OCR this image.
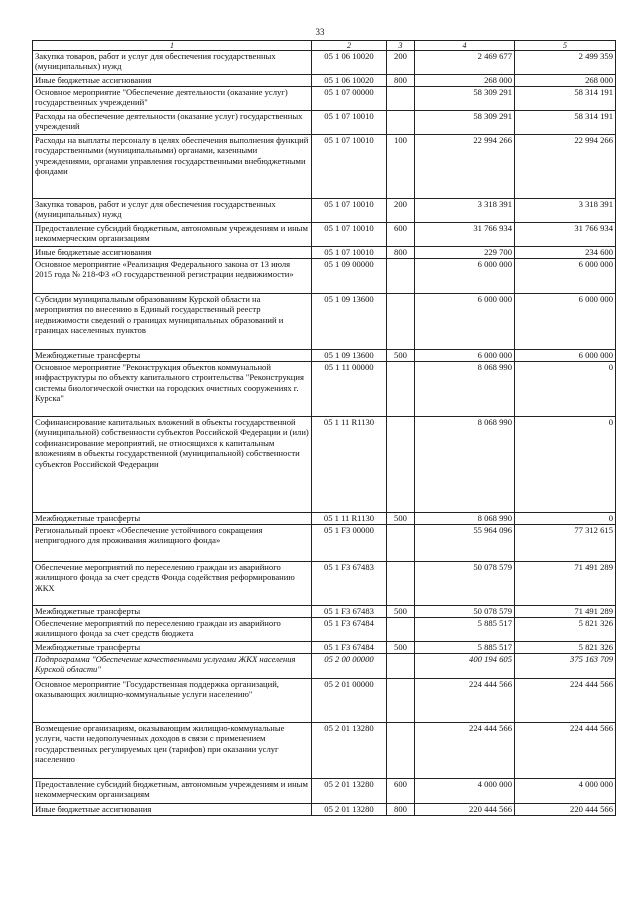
33
1	2	3	4	5
Закупка товаров, работ и услуг для обеспечения государственных (муниципальных) нужд	05 1 06 10020	200	2 469 677	2 499 359
Иные бюджетные ассигнования	05 1 06 10020	800	268 000	268 000
Основное мероприятие "Обеспечение деятельности (оказание услуг) государственных учреждений"	05 1 07 00000		58 309 291	58 314 191
Расходы на обеспечение деятельности (оказание услуг) государственных учреждений	05 1 07 10010		58 309 291	58 314 191
Расходы на выплаты персоналу в целях обеспечения выполнения функций государственными (муниципальными) органами, казенными учреждениями, органами управления государственными внебюджетными фондами	05 1 07 10010	100	22 994 266	22 994 266
Закупка товаров, работ и услуг для обеспечения государственных (муниципальных) нужд	05 1 07 10010	200	3 318 391	3 318 391
Предоставление субсидий бюджетным, автономным учреждениям и иным некоммерческим организациям	05 1 07 10010	600	31 766 934	31 766 934
Иные бюджетные ассигнования	05 1 07 10010	800	229 700	234 600
Основное мероприятие «Реализация Федерального закона от 13 июля 2015 года № 218-ФЗ «О государственной регистрации недвижимости»	05 1 09 00000		6 000 000	6 000 000
Субсидии муниципальным образованиям Курской области на мероприятия по внесению в Единый государственный реестр недвижимости сведений о границах муниципальных образований и границах населенных пунктов	05 1 09 13600		6 000 000	6 000 000
Межбюджетные трансферты	05 1 09 13600	500	6 000 000	6 000 000
Основное мероприятие "Реконструкция объектов коммунальной инфраструктуры по объекту капитального строительства "Реконструкция системы биологической очистки на городских очистных сооружениях г. Курска"	05 1 11 00000		8 068 990	0
Софинансирование капитальных вложений в объекты государственной (муниципальной) собственности субъектов Российской Федерации и (или) софинансирование мероприятий, не относящихся к капитальным вложениям в объекты государственной (муниципальной) собственности субъектов Российской Федерации	05 1 11 R1130		8 068 990	0
Межбюджетные трансферты	05 1 11 R1130	500	8 068 990	0
Региональный проект «Обеспечение устойчивого сокращения непригодного для проживания жилищного фонда»	05 1 F3 00000		55 964 096	77 312 615
Обеспечение мероприятий по переселению граждан из аварийного жилищного фонда за счет средств Фонда содействия реформированию ЖКХ	05 1 F3 67483		50 078 579	71 491 289
Межбюджетные трансферты	05 1 F3 67483	500	50 078 579	71 491 289
Обеспечение мероприятий по переселению граждан из аварийного жилищного фонда за счет средств бюджета	05 1 F3 67484		5 885 517	5 821 326
Межбюджетные трансферты	05 1 F3 67484	500	5 885 517	5 821 326
Подпрограмма "Обеспечение качественными услугами ЖКХ населения Курской области"	05 2 00 00000		400 194 605	375 163 709
Основное мероприятие "Государственная поддержка организаций, оказывающих жилищно-коммунальные услуги населению"	05 2 01 00000		224 444 566	224 444 566
Возмещение организациям, оказывающим жилищно-коммунальные услуги, части недополученных доходов в связи с применением государственных регулируемых цен (тарифов) при оказании услуг населению	05 2 01 13280		224 444 566	224 444 566
Предоставление субсидий бюджетным, автономным учреждениям и иным некоммерческим организациям	05 2 01 13280	600	4 000 000	4 000 000
Иные бюджетные ассигнования	05 2 01 13280	800	220 444 566	220 444 566
